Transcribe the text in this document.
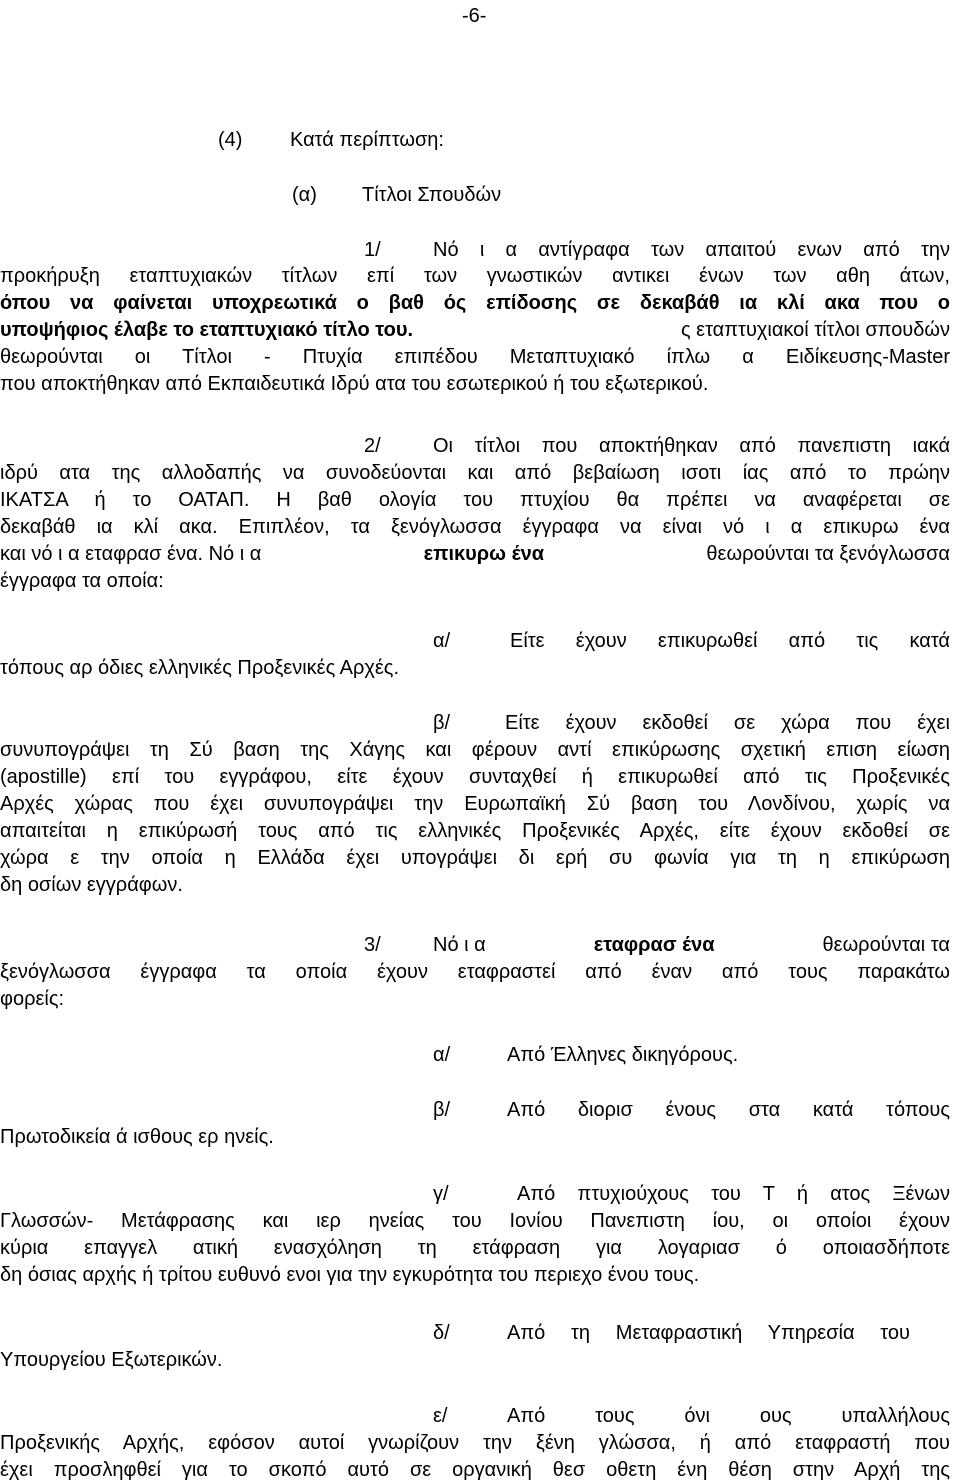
-6-
(4) Κατά περίπτωση:
(α) Τίτλοι Σπουδών
1/	Νό ι α αντίγραφα των απαιτού ενων από την
προκήρυξη εταπτυχιακών τίτλων επί των γνωστικών αντικει ένων των αθη άτων,
όπου να φαίνεται υποχρεωτικά ο βαθ ός επίδοσης σε δεκαβάθ ια κλί ακα που ο
υποψήφιος έλαβε το εταπτυχιακό τίτλο του.	ς εταπτυχιακοί τίτλοι σπουδών
θεωρούνται οι Τίτλοι - Πτυχία επιπέδου Μεταπτυχιακό ίπλω α Ειδίκευσης-Master
που αποκτήθηκαν από Εκπαιδευτικά Ιδρύ ατα του εσωτερικού ή του εξωτερικού.
2/	Οι τίτλοι που αποκτήθηκαν από πανεπιστη ιακά
ιδρύ ατα της αλλοδαπής να συνοδεύονται και από βεβαίωση ισοτι ίας από το πρώην
ΙΚΑΤΣΑ ή το ΟΑΤΑΠ. Η βαθ ολογία του πτυχίου θα πρέπει να αναφέρεται σε
δεκαβάθ ια κλί ακα. Επιπλέον, τα ξενόγλωσσα έγγραφα να είναι νό ι α επικυρω ένα
και νό ι α εταφρασ ένα. Νό ι α	επικυρω ένα	θεωρούνται τα ξενόγλωσσα
έγγραφα τα οποία:
α/	Είτε έχουν επικυρωθεί από τις κατά
τόπους αρ όδιες ελληνικές Προξενικές Αρχές.
β/	Είτε έχουν εκδοθεί σε χώρα που έχει
συνυπογράψει τη Σύ βαση της Χάγης και φέρουν αντί επικύρωσης σχετική επιση είωση
(apostille) επί του εγγράφου, είτε έχουν συνταχθεί ή επικυρωθεί από τις Προξενικές
Αρχές χώρας που έχει συνυπογράψει την Ευρωπαϊκή Σύ βαση του Λονδίνου, χωρίς να
απαιτείται η επικύρωσή τους από τις ελληνικές Προξενικές Αρχές, είτε έχουν εκδοθεί σε
χώρα ε την οποία η Ελλάδα έχει υπογράψει δι ερή συ φωνία για τη η επικύρωση
δη οσίων εγγράφων.
3/	Νό ι α	εταφρασ ένα	θεωρούνται τα
ξενόγλωσσα έγγραφα τα οποία έχουν εταφραστεί από έναν από τους παρακάτω
φορείς:
α/	Από Έλληνες δικηγόρους.
β/	Από διορισ ένους στα κατά τόπους
Πρωτοδικεία ά ισθους ερ ηνείς.
γ/	Από πτυχιούχους του Τ ή ατος Ξένων
Γλωσσών- Μετάφρασης και ιερ ηνείας του Ιονίου Πανεπιστη ίου, οι οποίοι έχουν
κύρια επαγγελ ατική ενασχόληση τη ετάφραση για λογαριασ ό οποιασδήποτε
δη όσιας αρχής ή τρίτου ευθυνό ενοι για την εγκυρότητα του περιεχο ένου τους.
δ/	Από τη Μεταφραστική Υπηρεσία του
Υπουργείου Εξωτερικών.
ε/	Από τους όνι ους υπαλλήλους
Προξενικής Αρχής, εφόσον αυτοί γνωρίζουν την ξένη γλώσσα, ή από εταφραστή που
έχει προσληφθεί για το σκοπό αυτό σε οργανική θεσ οθετη ένη θέση στην Αρχή της
